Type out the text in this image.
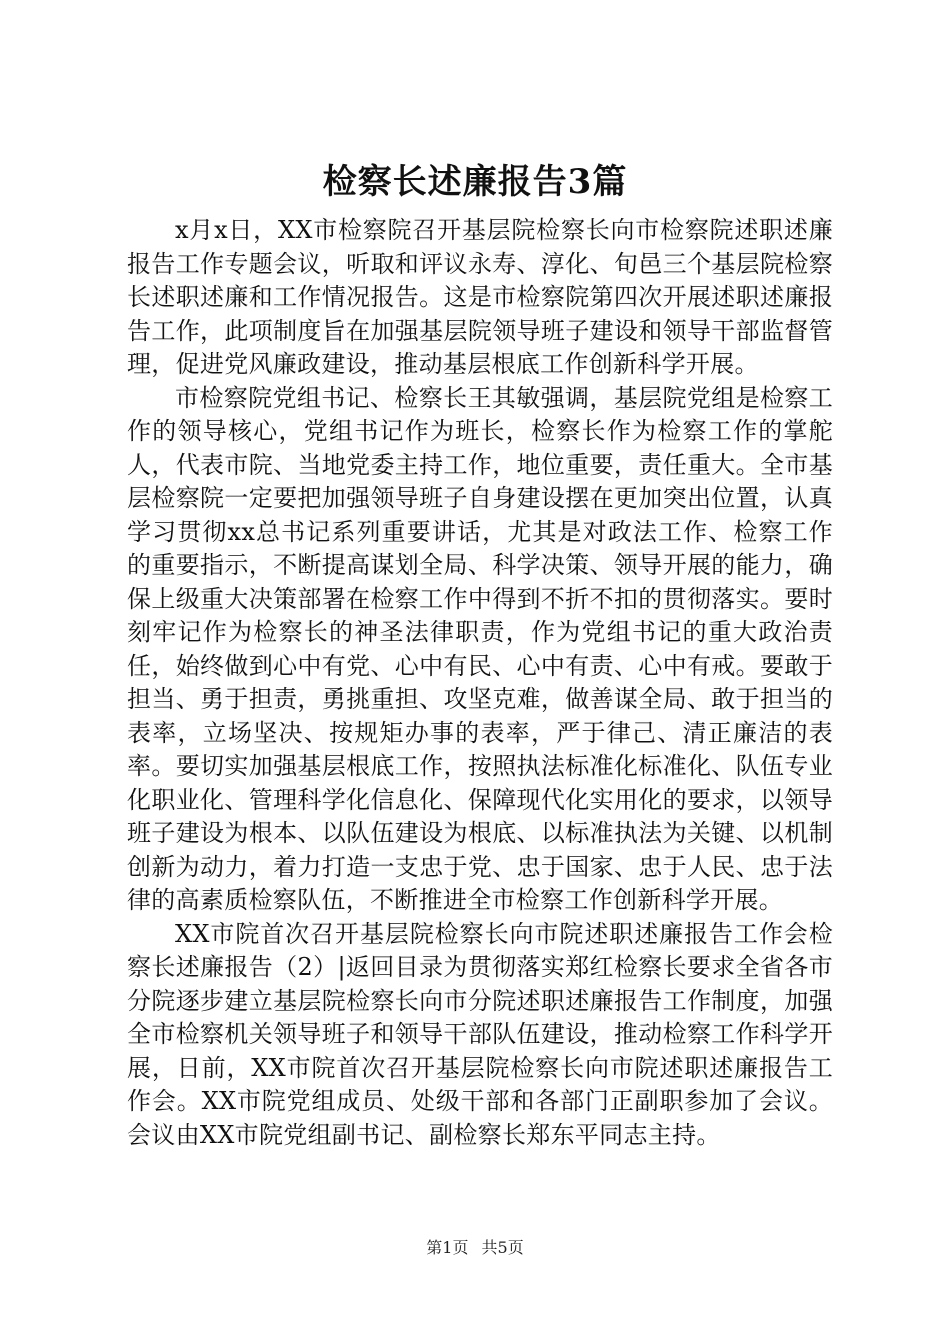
检察长述廉报告3篇

x月x日，XX市检察院召开基层院检察长向市检察院述职述廉报告工作专题会议，听取和评议永寿、淳化、旬邑三个基层院检察长述职述廉和工作情况报告。这是市检察院第四次开展述职述廉报告工作，此项制度旨在加强基层院领导班子建设和领导干部监督管理，促进党风廉政建设，推动基层根底工作创新科学开展。

市检察院党组书记、检察长王其敏强调，基层院党组是检察工作的领导核心，党组书记作为班长，检察长作为检察工作的掌舵人，代表市院、当地党委主持工作，地位重要，责任重大。全市基层检察院一定要把加强领导班子自身建设摆在更加突出位置，认真学习贯彻xx总书记系列重要讲话，尤其是对政法工作、检察工作的重要指示，不断提高谋划全局、科学决策、领导开展的能力，确保上级重大决策部署在检察工作中得到不折不扣的贯彻落实。要时刻牢记作为检察长的神圣法律职责，作为党组书记的重大政治责任，始终做到心中有党、心中有民、心中有责、心中有戒。要敢于担当、勇于担责，勇挑重担、攻坚克难，做善谋全局、敢于担当的表率，立场坚决、按规矩办事的表率，严于律己、清正廉洁的表率。要切实加强基层根底工作，按照执法标准化标准化、队伍专业化职业化、管理科学化信息化、保障现代化实用化的要求，以领导班子建设为根本、以队伍建设为根底、以标准执法为关键、以机制创新为动力，着力打造一支忠于党、忠于国家、忠于人民、忠于法律的高素质检察队伍，不断推进全市检察工作创新科学开展。

XX市院首次召开基层院检察长向市院述职述廉报告工作会检察长述廉报告（2）|返回目录为贯彻落实郑红检察长要求全省各市分院逐步建立基层院检察长向市分院述职述廉报告工作制度，加强全市检察机关领导班子和领导干部队伍建设，推动检察工作科学开展，日前，XX市院首次召开基层院检察长向市院述职述廉报告工作会。XX市院党组成员、处级干部和各部门正副职参加了会议。会议由XX市院党组副书记、副检察长郑东平同志主持。

第1页 共5页
